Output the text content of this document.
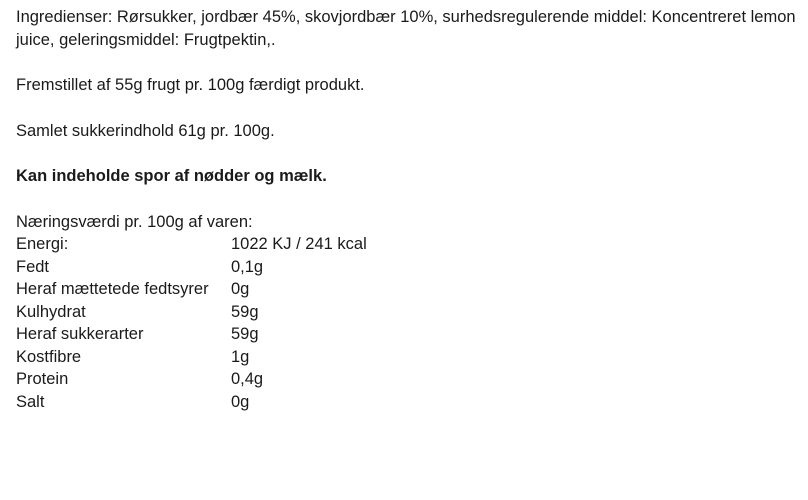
Ingredienser: Rørsukker, jordbær 45%, skovjordbær 10%, surhedsregulerende middel: Koncentreret lemon
juice, geleringsmiddel: Frugtpektin,.

Fremstillet af 55g frugt pr. 100g færdigt produkt.

Samlet sukkerindhold 61g pr. 100g.

Kan indeholde spor af nødder og mælk.

Næringsværdi pr. 100g af varen:

Energi:	1022 KJ / 241 kcal
Fedt	0,1g
Heraf mættetede fedtsyrer	0g
Kulhydrat	59g
Heraf sukkerarter	59g
Kostfibre	1g
Protein	0,4g
Salt	0g
